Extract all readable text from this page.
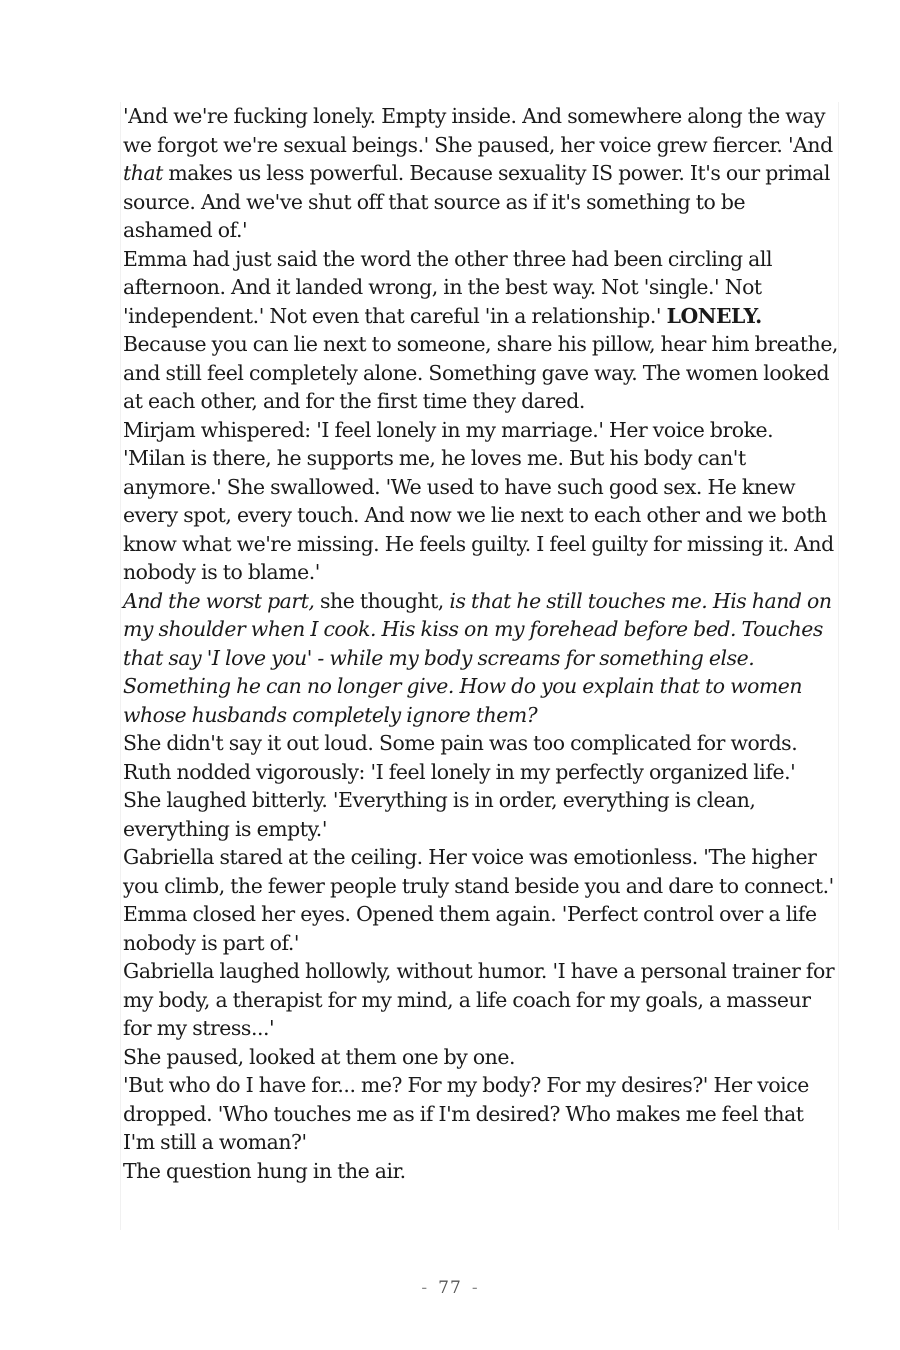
'And we're fucking lonely. Empty inside. And somewhere along the way we forgot we're sexual beings.' She paused, her voice grew fiercer. 'And that makes us less powerful. Because sexuality IS power. It's our primal source. And we've shut off that source as if it's something to be ashamed of.'

Emma had just said the word the other three had been circling all afternoon. And it landed wrong, in the best way. Not 'single.' Not 'independent.' Not even that careful 'in a relationship.' LONELY. Because you can lie next to someone, share his pillow, hear him breathe, and still feel completely alone. Something gave way. The women looked at each other, and for the first time they dared.

Mirjam whispered: 'I feel lonely in my marriage.' Her voice broke. 'Milan is there, he supports me, he loves me. But his body can't anymore.' She swallowed. 'We used to have such good sex. He knew every spot, every touch. And now we lie next to each other and we both know what we're missing. He feels guilty. I feel guilty for missing it. And nobody is to blame.'

And the worst part, she thought, is that he still touches me. His hand on my shoulder when I cook. His kiss on my forehead before bed. Touches that say 'I love you' - while my body screams for something else. Something he can no longer give. How do you explain that to women whose husbands completely ignore them?

She didn't say it out loud. Some pain was too complicated for words.

Ruth nodded vigorously: 'I feel lonely in my perfectly organized life.' She laughed bitterly. 'Everything is in order, everything is clean, everything is empty.'

Gabriella stared at the ceiling. Her voice was emotionless. 'The higher you climb, the fewer people truly stand beside you and dare to connect.'

Emma closed her eyes. Opened them again. 'Perfect control over a life nobody is part of.'

Gabriella laughed hollowly, without humor. 'I have a personal trainer for my body, a therapist for my mind, a life coach for my goals, a masseur for my stress...'

She paused, looked at them one by one.

'But who do I have for... me? For my body? For my desires?' Her voice dropped. 'Who touches me as if I'm desired? Who makes me feel that I'm still a woman?'

The question hung in the air.

- 77 -
